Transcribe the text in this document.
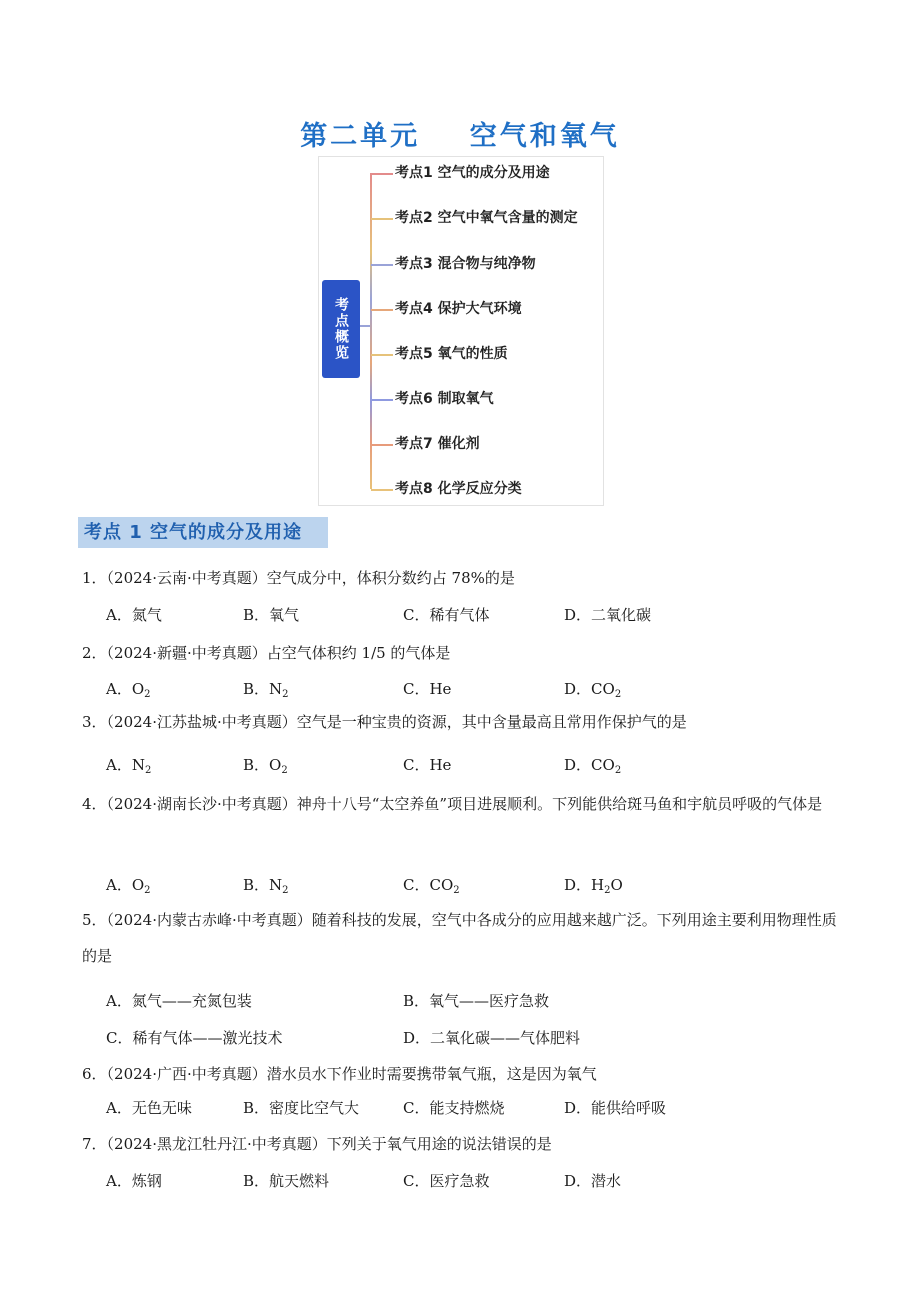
第二单元    空气和氧气
考点概览
考点1 空气的成分及用途
考点2 空气中氧气含量的测定
考点3 混合物与纯净物
考点4 保护大气环境
考点5 氧气的性质
考点6 制取氧气
考点7 催化剂
考点8 化学反应分类
考点 1 空气的成分及用途
1．（2024·云南·中考真题）空气成分中，体积分数约占 78%的是
A．氮气	B．氧气	C．稀有气体	D．二氧化碳
2．（2024·新疆·中考真题）占空气体积约 1/5 的气体是
A．$O_2$	B．$N_2$	C．He	D．$CO_2$
3．（2024·江苏盐城·中考真题）空气是一种宝贵的资源，其中含量最高且常用作保护气的是
A．$N_2$	B．$O_2$	C．He	D．$CO_2$
4．（2024·湖南长沙·中考真题）神舟十八号“太空养鱼”项目进展顺利。下列能供给斑马鱼和宇航员呼吸的气体是
A．$O_2$	B．$N_2$	C．$CO_2$	D．$H_2O$
5．（2024·内蒙古赤峰·中考真题）随着科技的发展，空气中各成分的应用越来越广泛。下列用途主要利用物理性质的是
A．氮气——充氮包装	B．氧气——医疗急救
C．稀有气体——激光技术	D．二氧化碳——气体肥料
6．（2024·广西·中考真题）潜水员水下作业时需要携带氧气瓶，这是因为氧气
A．无色无味	B．密度比空气大	C．能支持燃烧	D．能供给呼吸
7．（2024·黑龙江牡丹江·中考真题）下列关于氧气用途的说法错误的是
A．炼钢	B．航天燃料	C．医疗急救	D．潜水
